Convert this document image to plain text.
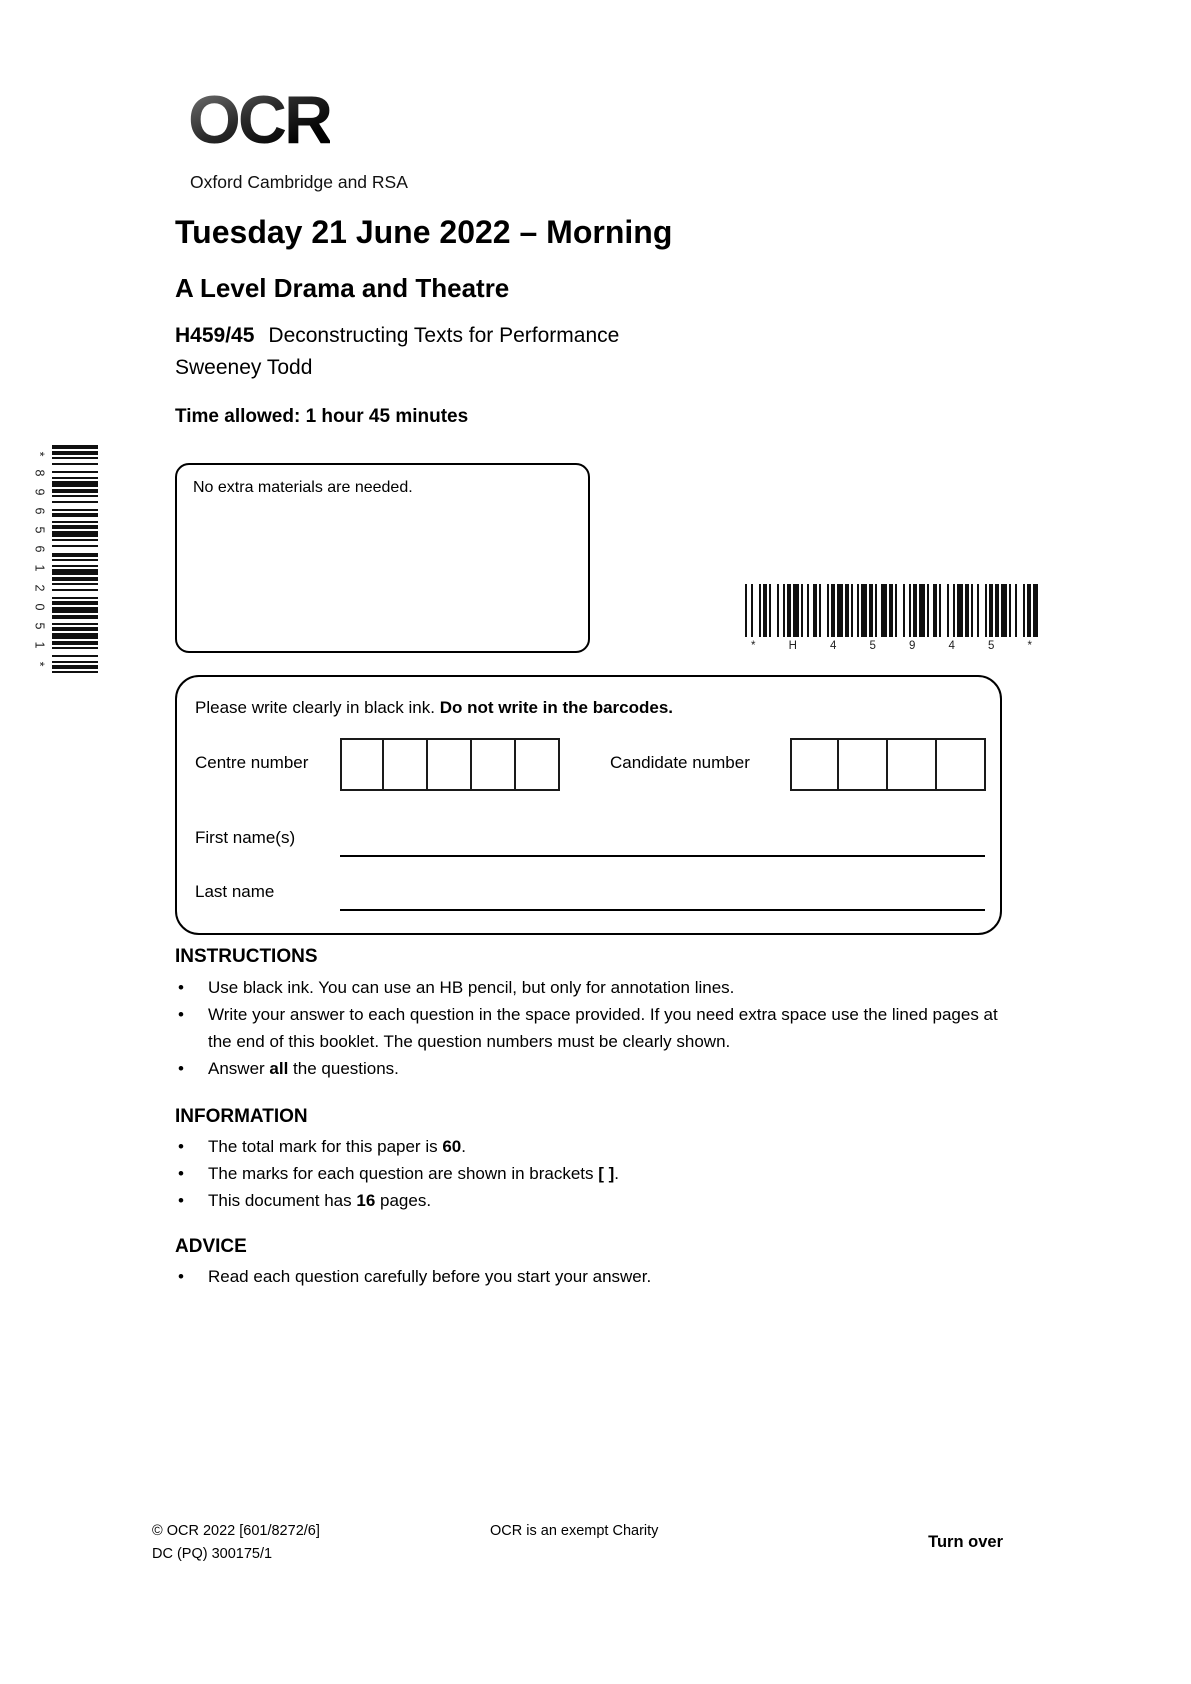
OCR
Oxford Cambridge and RSA
Tuesday 21 June 2022 – Morning
A Level Drama and Theatre
H459/45 Deconstructing Texts for Performance
Sweeney Todd
Time allowed: 1 hour 45 minutes
*
8
9
6
5
6
1
2
0
5
1
*
No extra materials are needed.
*	H	4	5	9	4	5	*
Please write clearly in black ink. Do not write in the barcodes.
Centre number	Candidate number
First name(s)
Last name
INSTRUCTIONS
•	Use black ink. You can use an HB pencil, but only for annotation lines.
•	Write your answer to each question in the space provided. If you need extra space use the lined pages at the end of this booklet. The question numbers must be clearly shown.
•	Answer all the questions.
INFORMATION
•	The total mark for this paper is 60.
•	The marks for each question are shown in brackets [ ].
•	This document has 16 pages.
ADVICE
•	Read each question carefully before you start your answer.
© OCR 2022 [601/8272/6]
DC (PQ) 300175/1
OCR is an exempt Charity
Turn over
